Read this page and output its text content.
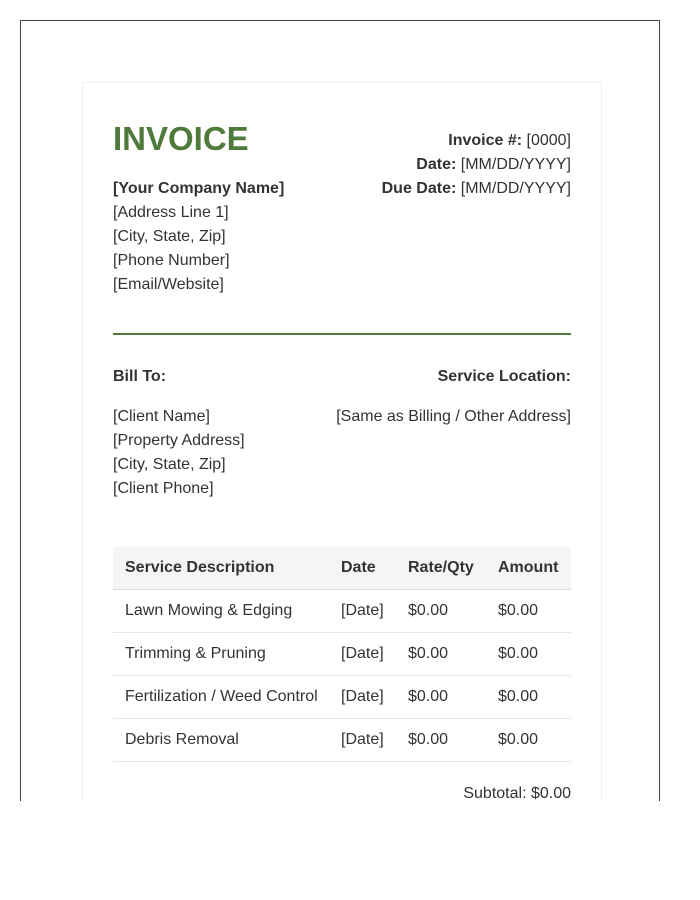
INVOICE	Invoice #: [0000]
Date: [MM/DD/YYYY]
Due Date: [MM/DD/YYYY]
[Your Company Name]
[Address Line 1]
[City, State, Zip]
[Phone Number]
[Email/Website]
Bill To:
[Client Name]
[Property Address]
[City, State, Zip]
[Client Phone]
Service Location:
[Same as Billing / Other Address]
Service Description	Date Rate/Qty Amount
Lawn Mowing & Edging	[Date] $0.00	$0.00
Trimming & Pruning	[Date] $0.00	$0.00
Fertilization / Weed Control [Date] $0.00	$0.00
Debris Removal	[Date] $0.00	$0.00
Subtotal: $0.00
